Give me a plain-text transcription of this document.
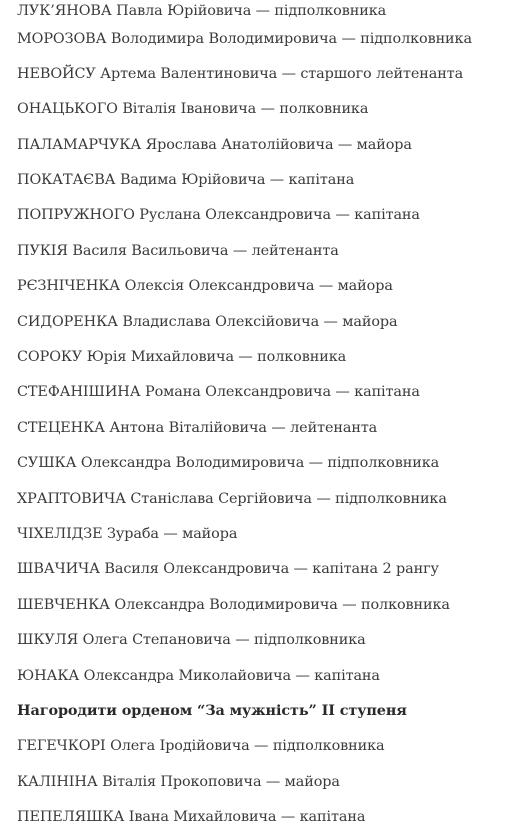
ЛУК’ЯНОВА Павла Юрійовича — підполковника
МОРОЗОВА Володимира Володимировича — підполковника
НЕВОЙСУ Артема Валентиновича — старшого лейтенанта
ОНАЦЬКОГО Віталія Івановича — полковника
ПАЛАМАРЧУКА Ярослава Анатолійовича — майора
ПОКАТАЄВА Вадима Юрійовича — капітана
ПОПРУЖНОГО Руслана Олександровича — капітана
ПУКІЯ Василя Васильовича — лейтенанта
РЄЗНІЧЕНКА Олексія Олександровича — майора
СИДОРЕНКА Владислава Олексійовича — майора
СОРОКУ Юрія Михайловича — полковника
СТЕФАНІШИНА Романа Олександровича — капітана
СТЕЦЕНКА Антона Віталійовича — лейтенанта
СУШКА Олександра Володимировича — підполковника
ХРАПТОВИЧА Станіслава Сергійовича — підполковника
ЧІХЕЛІДЗЕ Зураба — майора
ШВАЧИЧА Василя Олександровича — капітана 2 рангу
ШЕВЧЕНКА Олександра Володимировича — полковника
ШКУЛЯ Олега Степановича — підполковника
ЮНАКА Олександра Миколайовича — капітана
Нагородити орденом “За мужність” ІІ ступеня
ГЕГЕЧКОРІ Олега Іродійовича — підполковника
КАЛІНІНА Віталія Прокоповича — майора
ПЕПЕЛЯШКА Івана Михайловича — капітана
